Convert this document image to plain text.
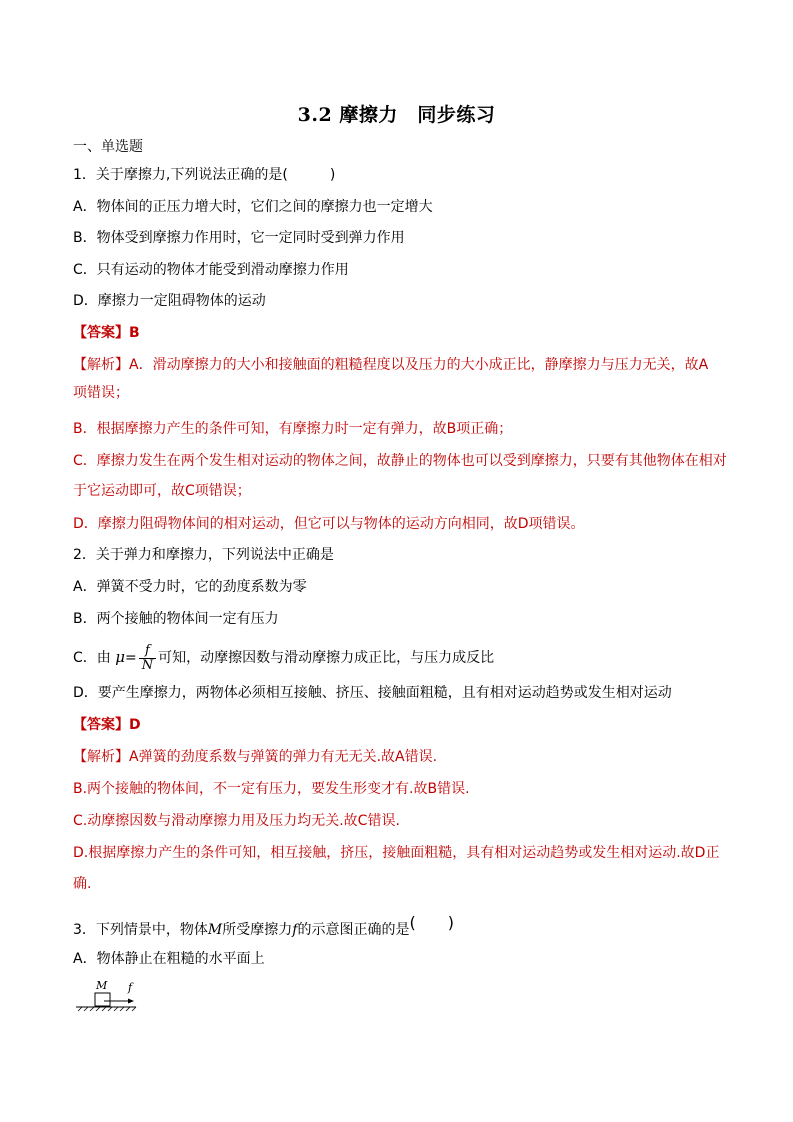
3.2 摩擦力　同步练习
一、单选题
1．关于摩擦力,下列说法正确的是(　　　)
A．物体间的正压力增大时，它们之间的摩擦力也一定增大
B．物体受到摩擦力作用时，它一定同时受到弹力作用
C．只有运动的物体才能受到滑动摩擦力作用
D．摩擦力一定阻碍物体的运动
【答案】B
【解析】A．滑动摩擦力的大小和接触面的粗糙程度以及压力的大小成正比，静摩擦力与压力无关，故A
项错误；
B．根据摩擦力产生的条件可知，有摩擦力时一定有弹力，故B项正确；
C．摩擦力发生在两个发生相对运动的物体之间，故静止的物体也可以受到摩擦力，只要有其他物体在相对
于它运动即可，故C项错误；
D．摩擦力阻碍物体间的相对运动，但它可以与物体的运动方向相同，故D项错误。
2．关于弹力和摩擦力，下列说法中正确是
A．弹簧不受力时，它的劲度系数为零
B．两个接触的物体间一定有压力
C．由 $\mu= \frac{f}{N}$ 可知，动摩擦因数与滑动摩擦力成正比，与压力成反比
D．要产生摩擦力，两物体必须相互接触、挤压、接触面粗糙，且有相对运动趋势或发生相对运动
【答案】D
【解析】A弹簧的劲度系数与弹簧的弹力有无无关.故A错误.
B.两个接触的物体间，不一定有压力，要发生形变才有.故B错误.
C.动摩擦因数与滑动摩擦力用及压力均无关.故C错误.
D.根据摩擦力产生的条件可知，相互接触，挤压，接触面粗糙，具有相对运动趋势或发生相对运动.故D正
确.
3．下列情景中，物体M所受摩擦力f的示意图正确的是(　　)
A．物体静止在粗糙的水平面上
M f
